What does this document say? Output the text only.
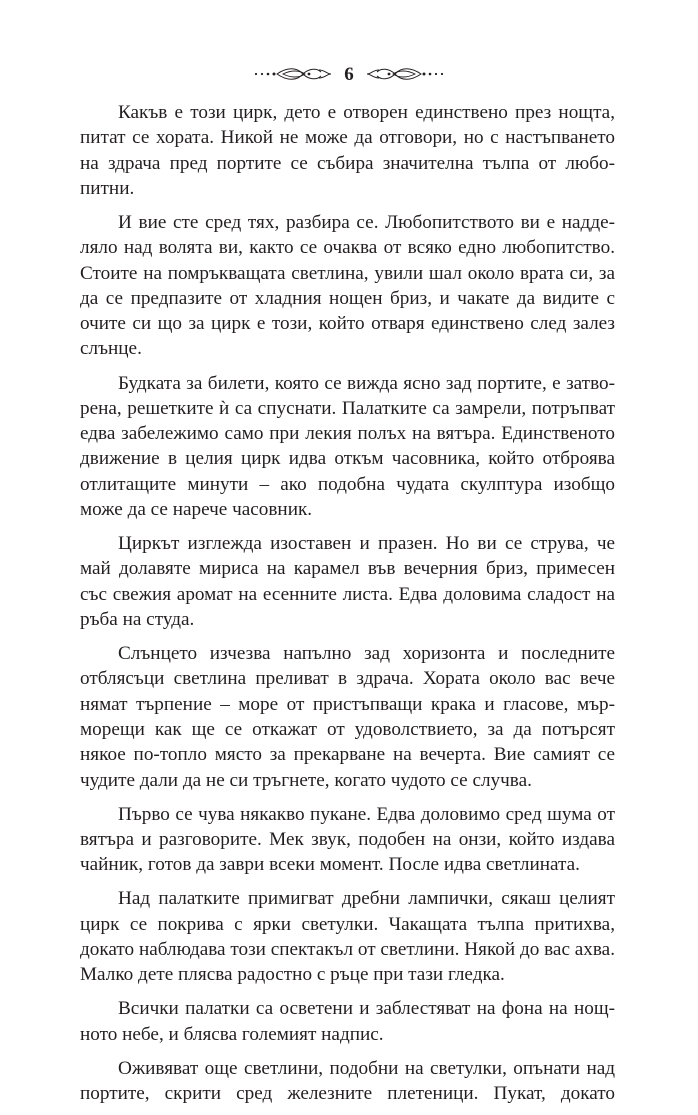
6

Какъв е този цирк, дето е отворен единствено през нощта, питат се хората. Никой не може да отговори, но с настъпването на здрача пред портите се събира значителна тълпа от любопитни.

И вие сте сред тях, разбира се. Любопитството ви е надделяло над волята ви, както се очаква от всяко едно любопитство. Стоите на помръкващата светлина, увили шал около врата си, за да се предпазите от хладния нощен бриз, и чакате да видите с очите си що за цирк е този, който отваря единствено след залез слънце.

Будката за билети, която се вижда ясно зад портите, е затворена, решетките ѝ са спуснати. Палатките са замрели, потръпват едва забележимо само при лекия полъх на вятъра. Единственото движение в целия цирк идва откъм часовника, който отброява отлитащите минути – ако подобна чудата скулптура изобщо може да се нарече часовник.

Циркът изглежда изоставен и празен. Но ви се струва, че май долавяте мириса на карамел във вечерния бриз, примесен със свежия аромат на есенните листа. Едва доловима сладост на ръба на студа.

Слънцето изчезва напълно зад хоризонта и последните отблясъци светлина преливат в здрача. Хората около вас вече нямат търпение – море от пристъпващи крака и гласове, мърморещи как ще се откажат от удоволствието, за да потърсят някое по-топло място за прекарване на вечерта. Вие самият се чудите дали да не си тръгнете, когато чудото се случва.

Първо се чува някакво пукане. Едва доловимо сред шума от вятъра и разговорите. Мек звук, подобен на онзи, който издава чайник, готов да заври всеки момент. После идва светлината.

Над палатките примигват дребни лампички, сякаш целият цирк се покрива с ярки светулки. Чакащата тълпа притихва, докато наблюдава този спектакъл от светлини. Някой до вас ахва. Малко дете плясва радостно с ръце при тази гледка.

Всички палатки са осветени и заблестяват на фона на нощното небе, и блясва големият надпис.

Оживяват още светлини, подобни на светулки, опънати над портите, скрити сред железните плетеници. Пукат, докато
